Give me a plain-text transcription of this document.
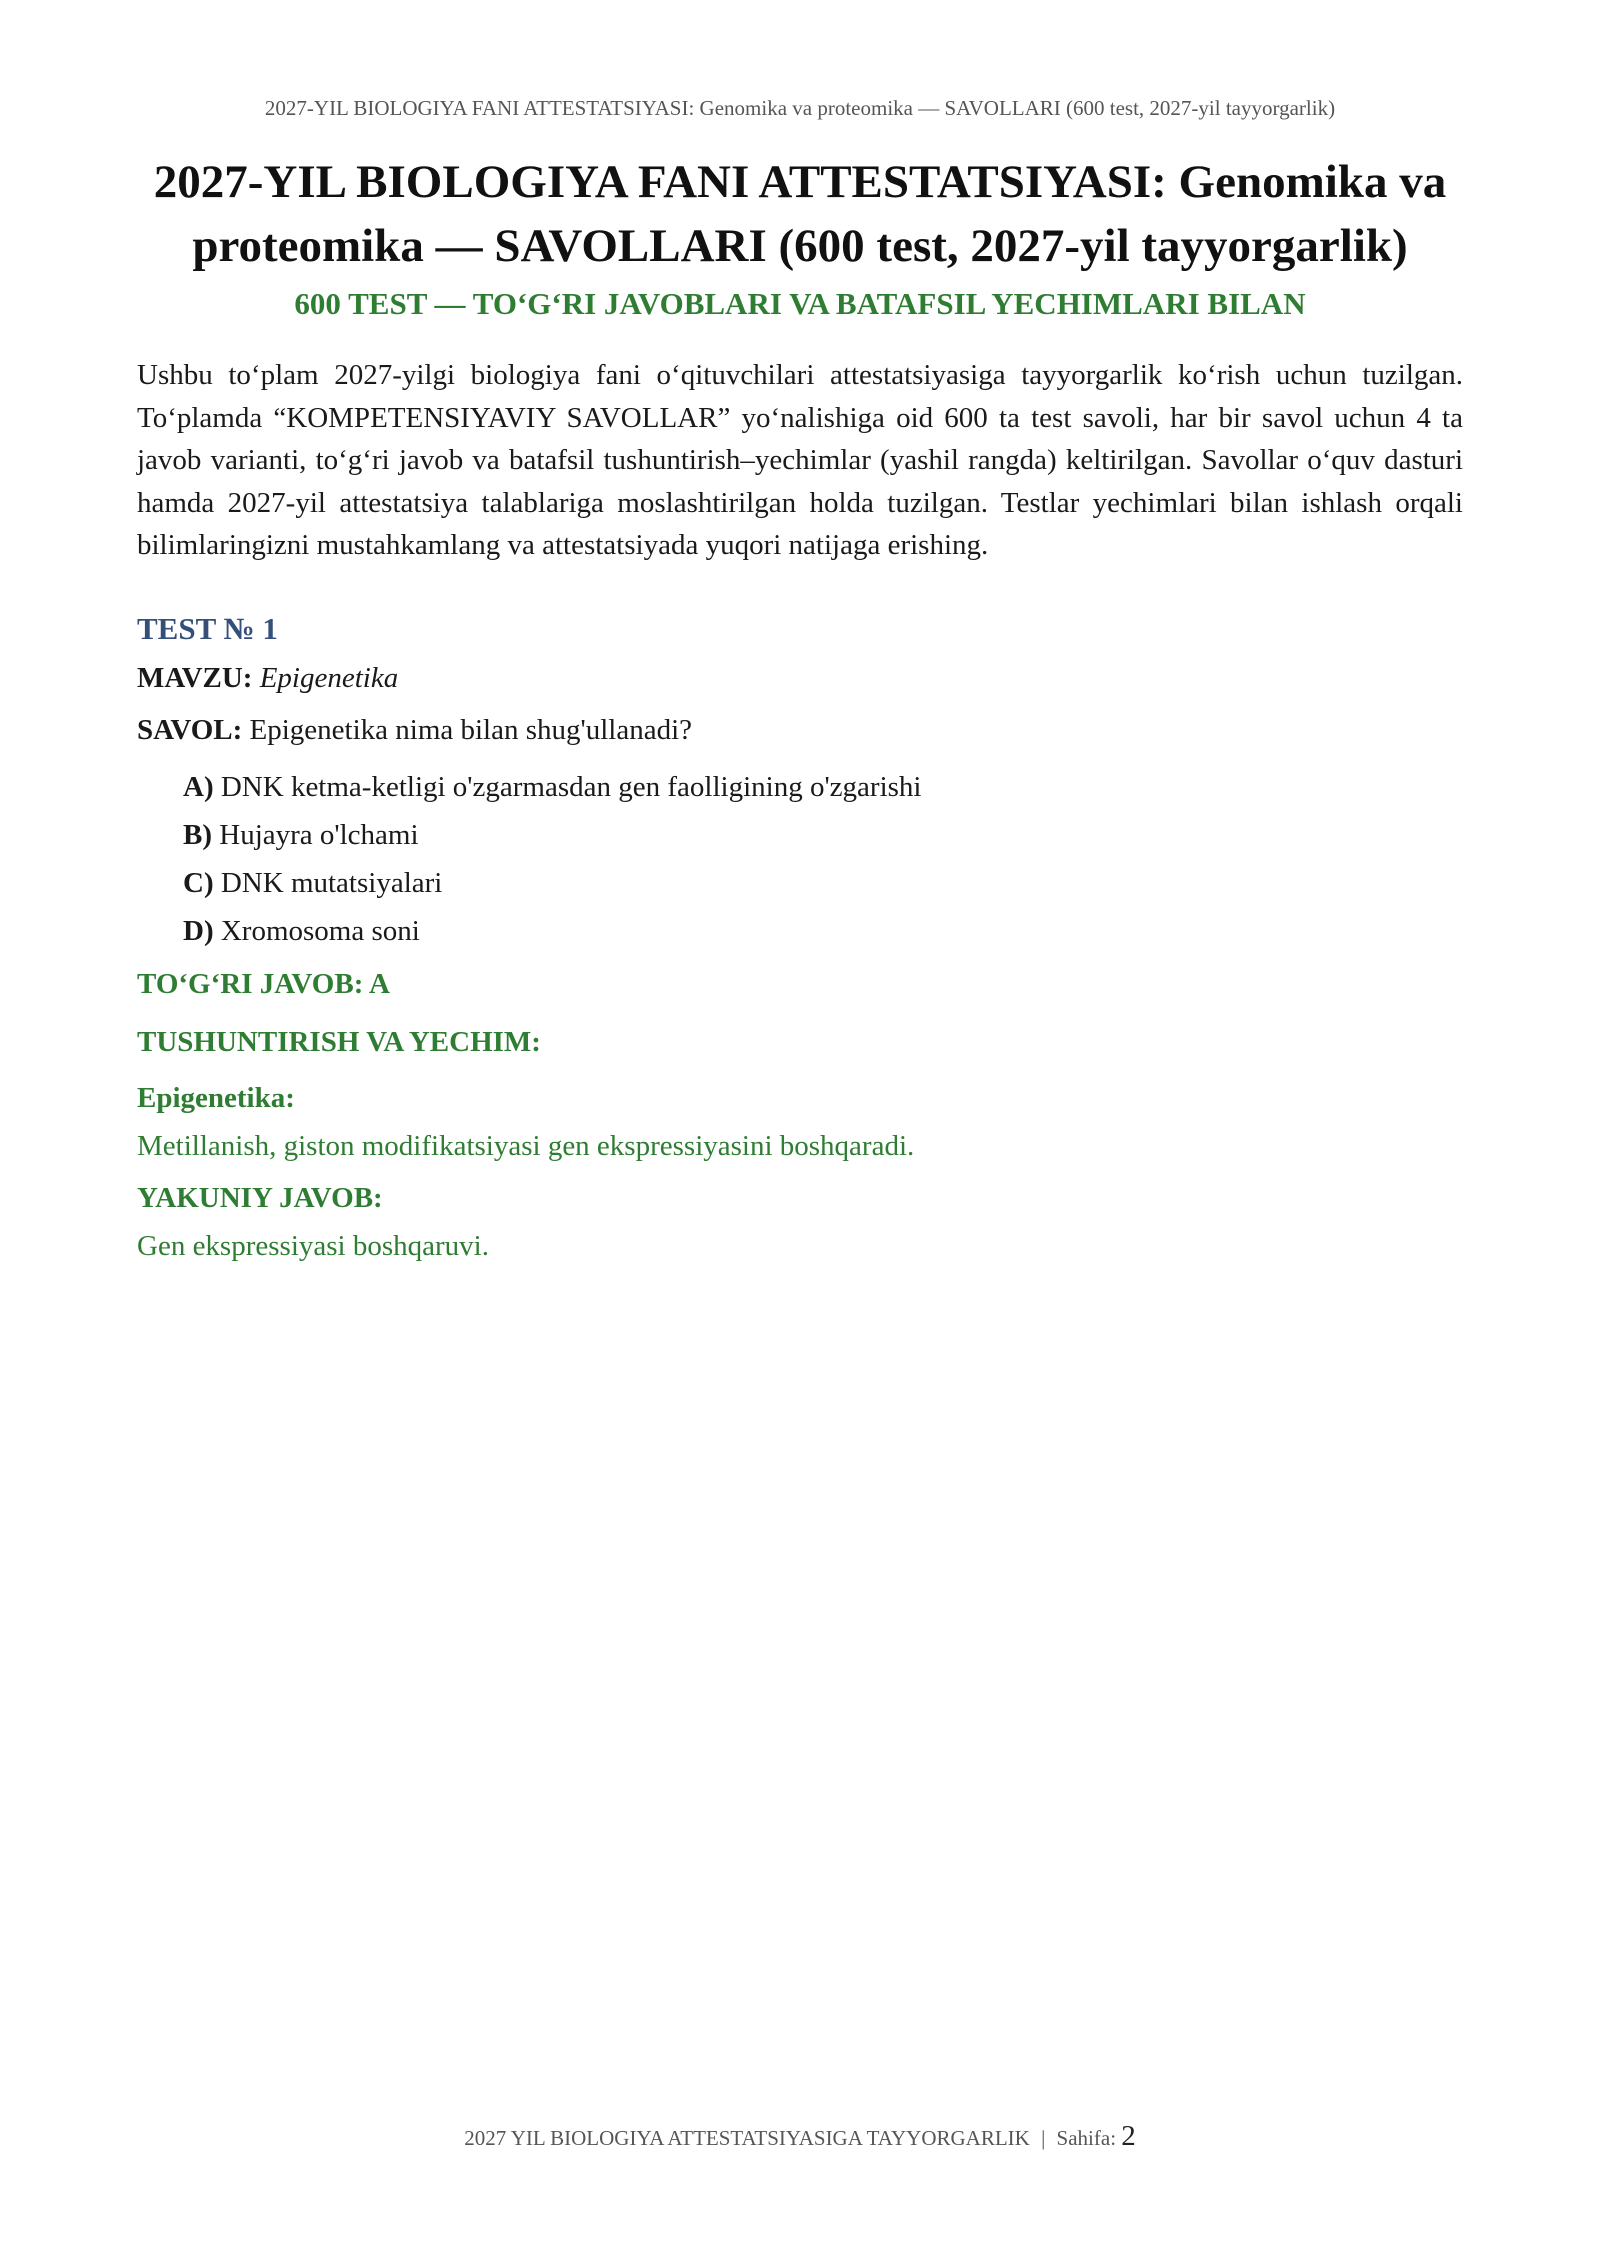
2027-YIL BIOLOGIYA FANI ATTESTATSIYASI: Genomika va proteomika — SAVOLLARI (600 test, 2027-yil tayyorgarlik)
2027-YIL BIOLOGIYA FANI ATTESTATSIYASI: Genomika va proteomika — SAVOLLARI (600 test, 2027-yil tayyorgarlik)
600 TEST — TO‘G‘RI JAVOBLARI VA BATAFSIL YECHIMLARI BILAN

Ushbu to‘plam 2027-yilgi biologiya fani o‘qituvchilari attestatsiyasiga tayyorgarlik ko‘rish uchun tuzilgan. To‘plamda “KOMPETENSIYAVIY SAVOLLAR” yo‘nalishiga oid 600 ta test savoli, har bir savol uchun 4 ta javob varianti, to‘g‘ri javob va batafsil tushuntirish–yechimlar (yashil rangda) keltirilgan. Savollar o‘quv dasturi hamda 2027-yil attestatsiya talablariga moslashtirilgan holda tuzilgan. Testlar yechimlari bilan ishlash orqali bilimlaringizni mustahkamlang va attestatsiyada yuqori natijaga erishing.

TEST № 1
MAVZU: Epigenetika
SAVOL: Epigenetika nima bilan shug'ullanadi?
A) DNK ketma-ketligi o'zgarmasdan gen faolligining o'zgarishi
B) Hujayra o'lchami
C) DNK mutatsiyalari
D) Xromosoma soni
TO‘G‘RI JAVOB: A
TUSHUNTIRISH VA YECHIM:
Epigenetika:
Metillanish, giston modifikatsiyasi gen ekspressiyasini boshqaradi.
YAKUNIY JAVOB:
Gen ekspressiyasi boshqaruvi.
2027 YIL BIOLOGIYA ATTESTATSIYASIGA TAYYORGARLIK | Sahifa: 2
